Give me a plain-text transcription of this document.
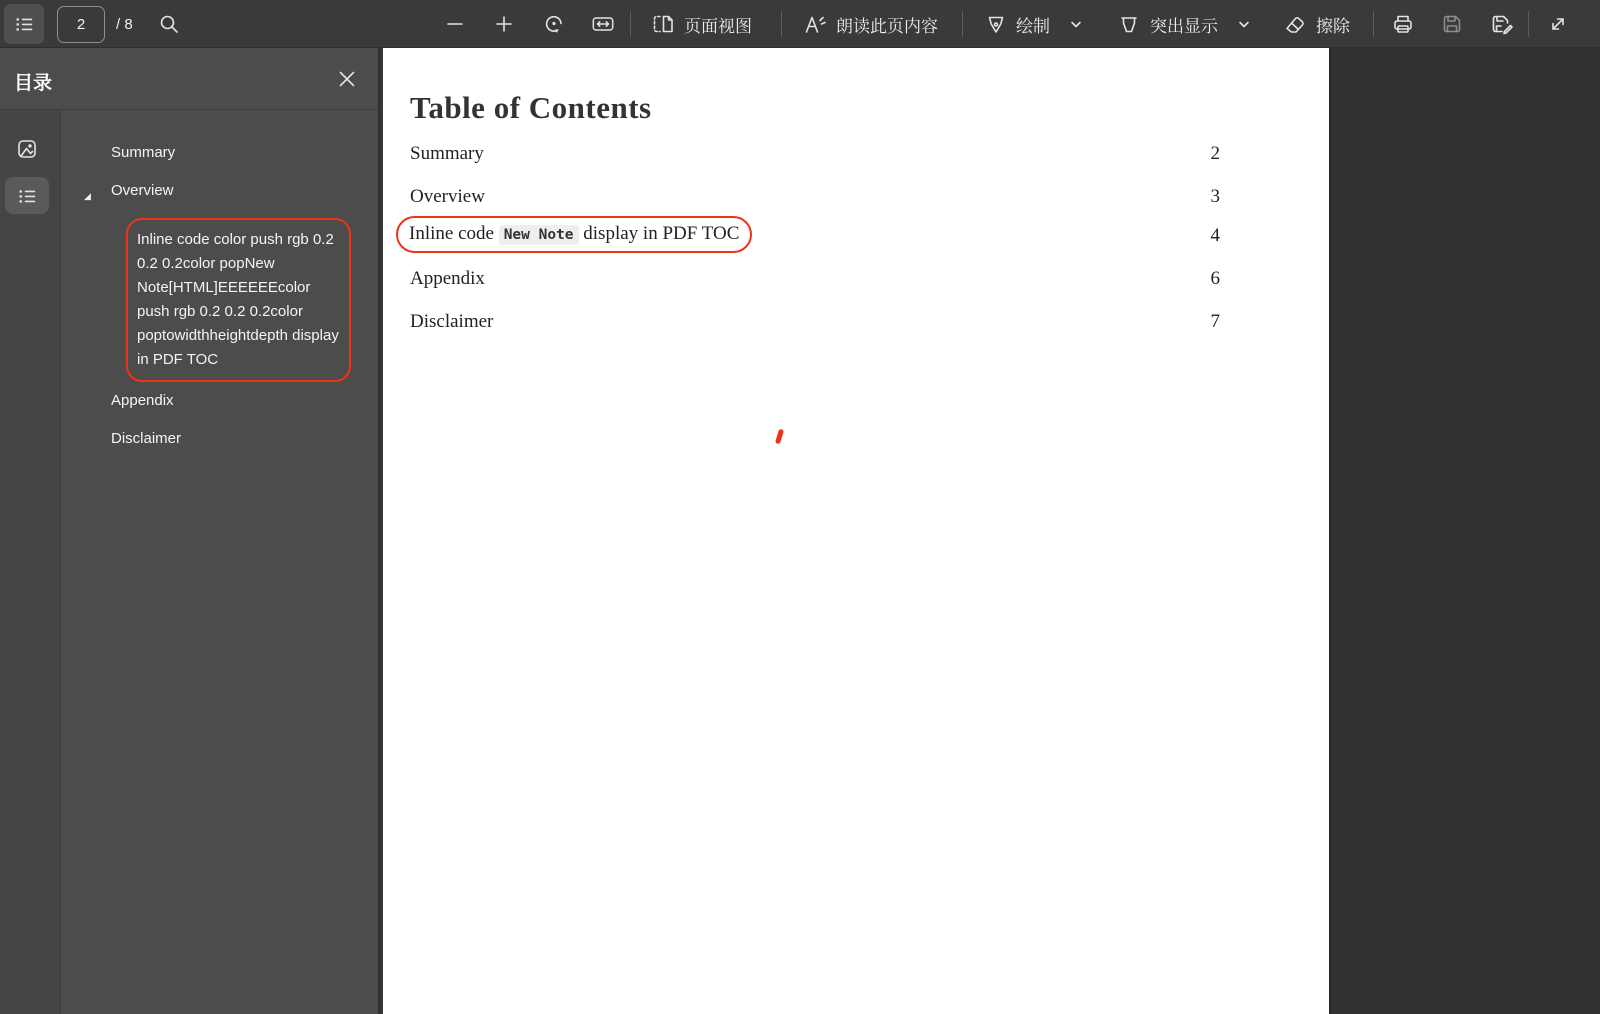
2
/ 8	页面视图	朗读此页内容	绘制	突出显示	擦除
目录
Summary
◢ Overview
Inline code color push rgb 0.2 0.2 0.2color popNew Note[HTML]EEEEEEcolor push rgb 0.2 0.2 0.2color poptowidthheightdepth display in PDF TOC
Appendix
Disclaimer
Table of Contents
Summary	2
Overview	3
Inline code New Note display in PDF TOC	4
Appendix	6
Disclaimer	7
